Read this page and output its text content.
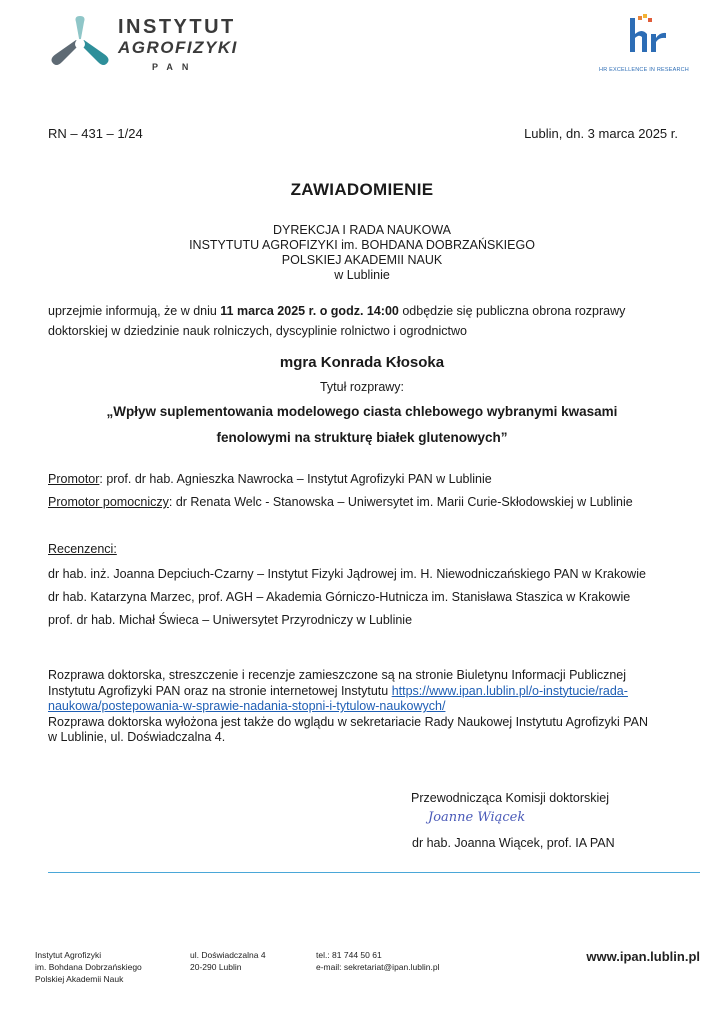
INSTYTUT
AGROFIZYKI
PAN	HR EXCELLENCE IN RESEARCH
RN – 431 – 1/24	Lublin, dn. 3 marca 2025 r.
ZAWIADOMIENIE
DYREKCJA I RADA NAUKOWA
INSTYTUTU AGROFIZYKI im. BOHDANA DOBRZAŃSKIEGO
POLSKIEJ AKADEMII NAUK
w Lublinie
uprzejmie informują, że w dniu 11 marca 2025 r. o godz. 14:00 odbędzie się publiczna obrona rozprawy
doktorskiej w dziedzinie nauk rolniczych, dyscyplinie rolnictwo i ogrodnictwo
mgra Konrada Kłosoka
Tytuł rozprawy:
„Wpływ suplementowania modelowego ciasta chlebowego wybranymi kwasami
fenolowymi na strukturę białek glutenowych”
Promotor: prof. dr hab. Agnieszka Nawrocka – Instytut Agrofizyki PAN w Lublinie
Promotor pomocniczy: dr Renata Welc - Stanowska – Uniwersytet im. Marii Curie-Skłodowskiej w Lublinie
Recenzenci:
dr hab. inż. Joanna Depciuch-Czarny – Instytut Fizyki Jądrowej im. H. Niewodniczańskiego PAN w Krakowie
dr hab. Katarzyna Marzec, prof. AGH – Akademia Górniczo-Hutnicza im. Stanisława Staszica w Krakowie
prof. dr hab. Michał Świeca – Uniwersytet Przyrodniczy w Lublinie
Rozprawa doktorska, streszczenie i recenzje zamieszczone są na stronie Biuletynu Informacji Publicznej
Instytutu Agrofizyki PAN oraz na stronie internetowej Instytutu https://www.ipan.lublin.pl/o-instytucie/rada-
naukowa/postepowania-w-sprawie-nadania-stopni-i-tytulow-naukowych/
Rozprawa doktorska wyłożona jest także do wglądu w sekretariacie Rady Naukowej Instytutu Agrofizyki PAN
w Lublinie, ul. Doświadczalna 4.
Przewodnicząca Komisji doktorskiej
Joanne Wiącek
dr hab. Joanna Wiącek, prof. IA PAN
Instytut Agrofizyki
im. Bohdana Dobrzańskiego
Polskiej Akademii Nauk
ul. Doświadczalna 4
20-290 Lublin
tel.: 81 744 50 61
e-mail: sekretariat@ipan.lublin.pl
www.ipan.lublin.pl
